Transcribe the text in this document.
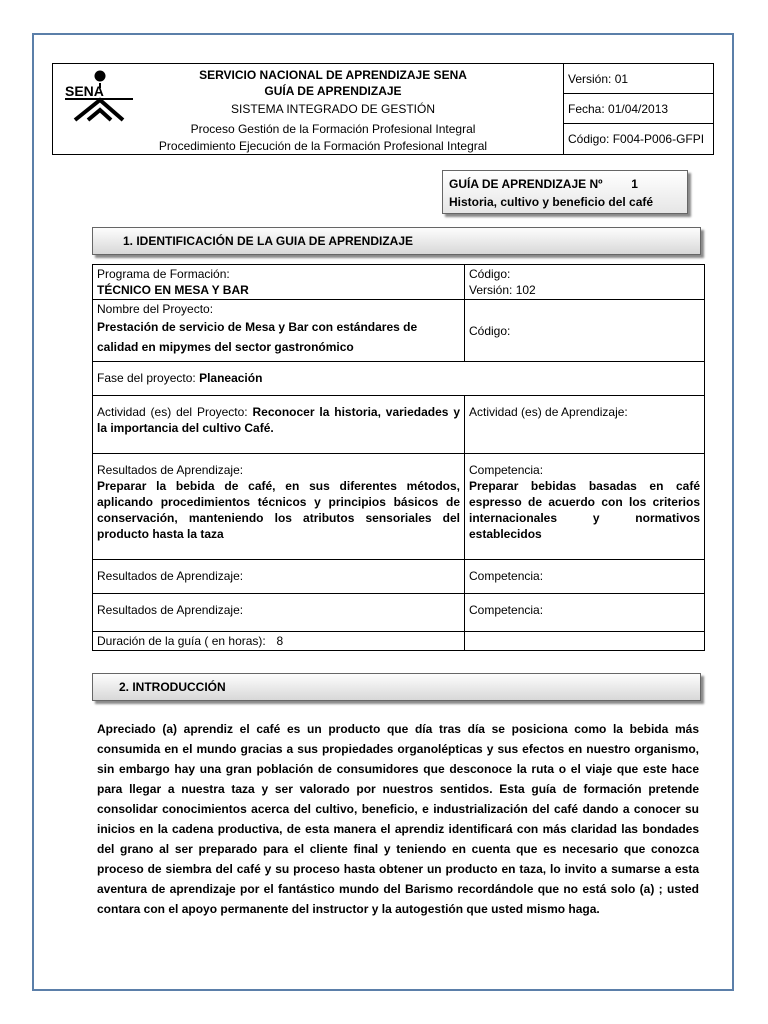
SENA
SERVICIO NACIONAL DE APRENDIZAJE SENA
GUÍA DE APRENDIZAJE
SISTEMA INTEGRADO DE GESTIÓN
Proceso Gestión de la Formación Profesional Integral
Procedimiento Ejecución de la Formación Profesional Integral
Versión: 01
Fecha: 01/04/2013
Código: F004-P006-GFPI
GUÍA DE APRENDIZAJE Nº 1
Historia, cultivo y beneficio del café
1. IDENTIFICACIÓN DE LA GUIA DE APRENDIZAJE
Programa de Formación:
TÉCNICO EN MESA Y BAR
Código:
Versión: 102
Nombre del Proyecto:
Prestación de servicio de Mesa y Bar con estándares de calidad en mipymes del sector gastronómico
Código:
Fase del proyecto: Planeación
Actividad (es) del Proyecto: Reconocer la historia, variedades y la importancia del cultivo Café.
Actividad (es) de Aprendizaje:
Resultados de Aprendizaje:
Preparar la bebida de café, en sus diferentes métodos, aplicando procedimientos técnicos y principios básicos de conservación, manteniendo los atributos sensoriales del producto hasta la taza
Competencia:
Preparar bebidas basadas en café espresso de acuerdo con los criterios internacionales y normativos establecidos
Resultados de Aprendizaje:	Competencia:
Resultados de Aprendizaje:	Competencia:
Duración de la guía ( en horas): 8
2. INTRODUCCIÓN
Apreciado (a) aprendiz el café es un producto que día tras día se posiciona como la bebida más consumida en el mundo gracias a sus propiedades organolépticas y sus efectos en nuestro organismo, sin embargo hay una gran población de consumidores que desconoce la ruta o el viaje que este hace para llegar a nuestra taza y ser valorado por nuestros sentidos. Esta guía de formación pretende consolidar conocimientos acerca del cultivo, beneficio, e industrialización del café dando a conocer su inicios en la cadena productiva, de esta manera el aprendiz identificará con más claridad las bondades del grano al ser preparado para el cliente final y teniendo en cuenta que es necesario que conozca proceso de siembra del café y su proceso hasta obtener un producto en taza, lo invito a sumarse a esta aventura de aprendizaje por el fantástico mundo del Barismo recordándole que no está solo (a) ; usted contara con el apoyo permanente del instructor y la autogestión que usted mismo haga.
